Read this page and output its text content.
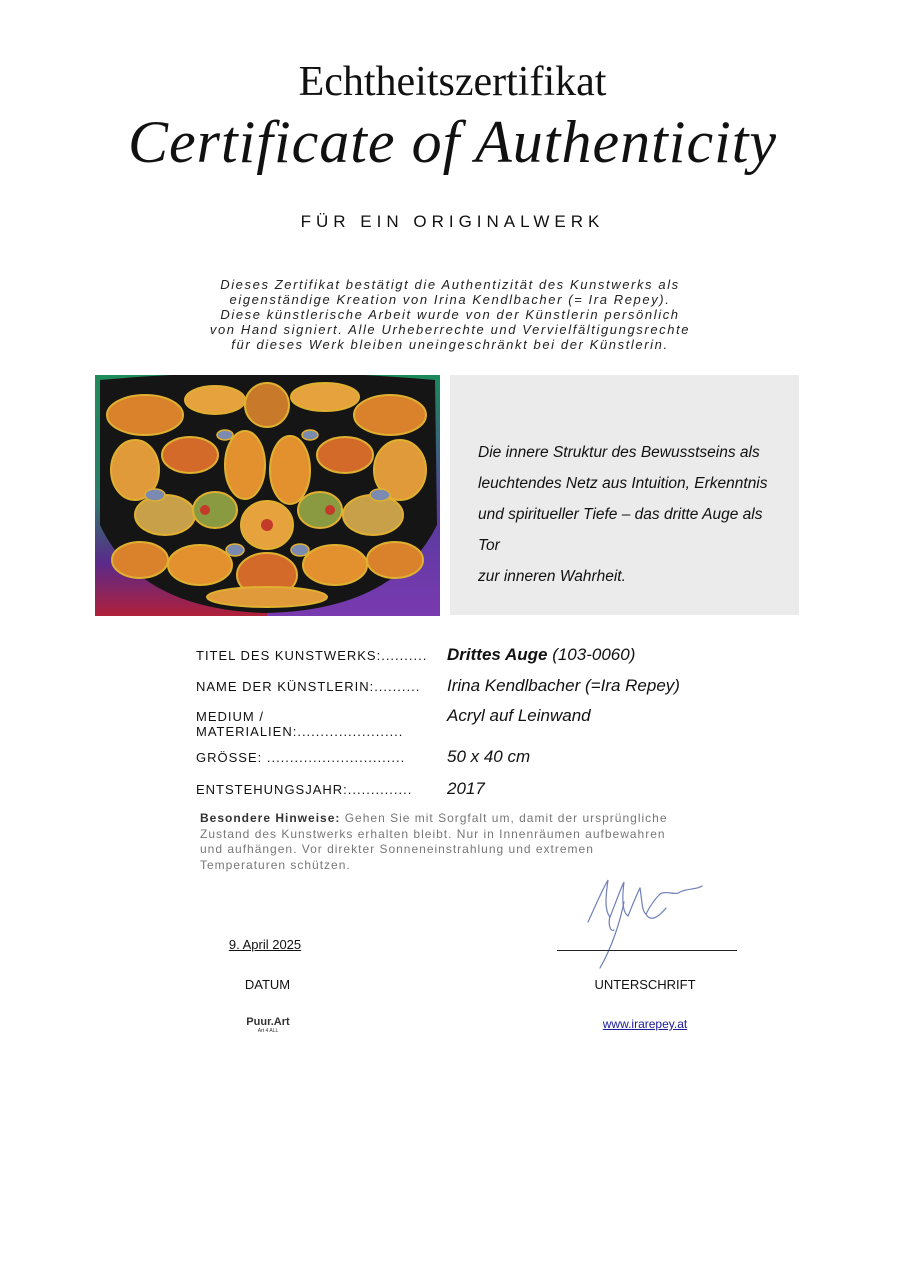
Echtheitszertifikat
Certificate of Authenticity
FÜR EIN ORIGINALWERK
Dieses Zertifikat bestätigt die Authentizität des Kunstwerks als
eigenständige Kreation von Irina Kendlbacher (= Ira Repey).
Diese künstlerische Arbeit wurde von der Künstlerin persönlich
von Hand signiert. Alle Urheberrechte und Vervielfältigungsrechte
für dieses Werk bleiben uneingeschränkt bei der Künstlerin.
Die innere Struktur des Bewusstseins als
leuchtendes Netz aus Intuition, Erkenntnis
und spiritueller Tiefe – das dritte Auge als Tor
zur inneren Wahrheit.
TITEL DES KUNSTWERKS:..........	Drittes Auge (103-0060)
NAME DER KÜNSTLERIN:..........	Irina Kendlbacher (=Ira Repey)
MEDIUM /
MATERIALIEN:.......................
Acryl auf Leinwand
GRÖSSE: ..............................	50 x 40 cm
ENTSTEHUNGSJAHR:..............	2017
Besondere Hinweise: Gehen Sie mit Sorgfalt um, damit der ursprüngliche
Zustand des Kunstwerks erhalten bleibt. Nur in Innenräumen aufbewahren
und aufhängen. Vor direkter Sonneneinstrahlung und extremen
Temperaturen schützen.
9. April 2025
DATUM	UNTERSCHRIFT
Puur.Art
Art 4 ALL	www.irarepey.at
